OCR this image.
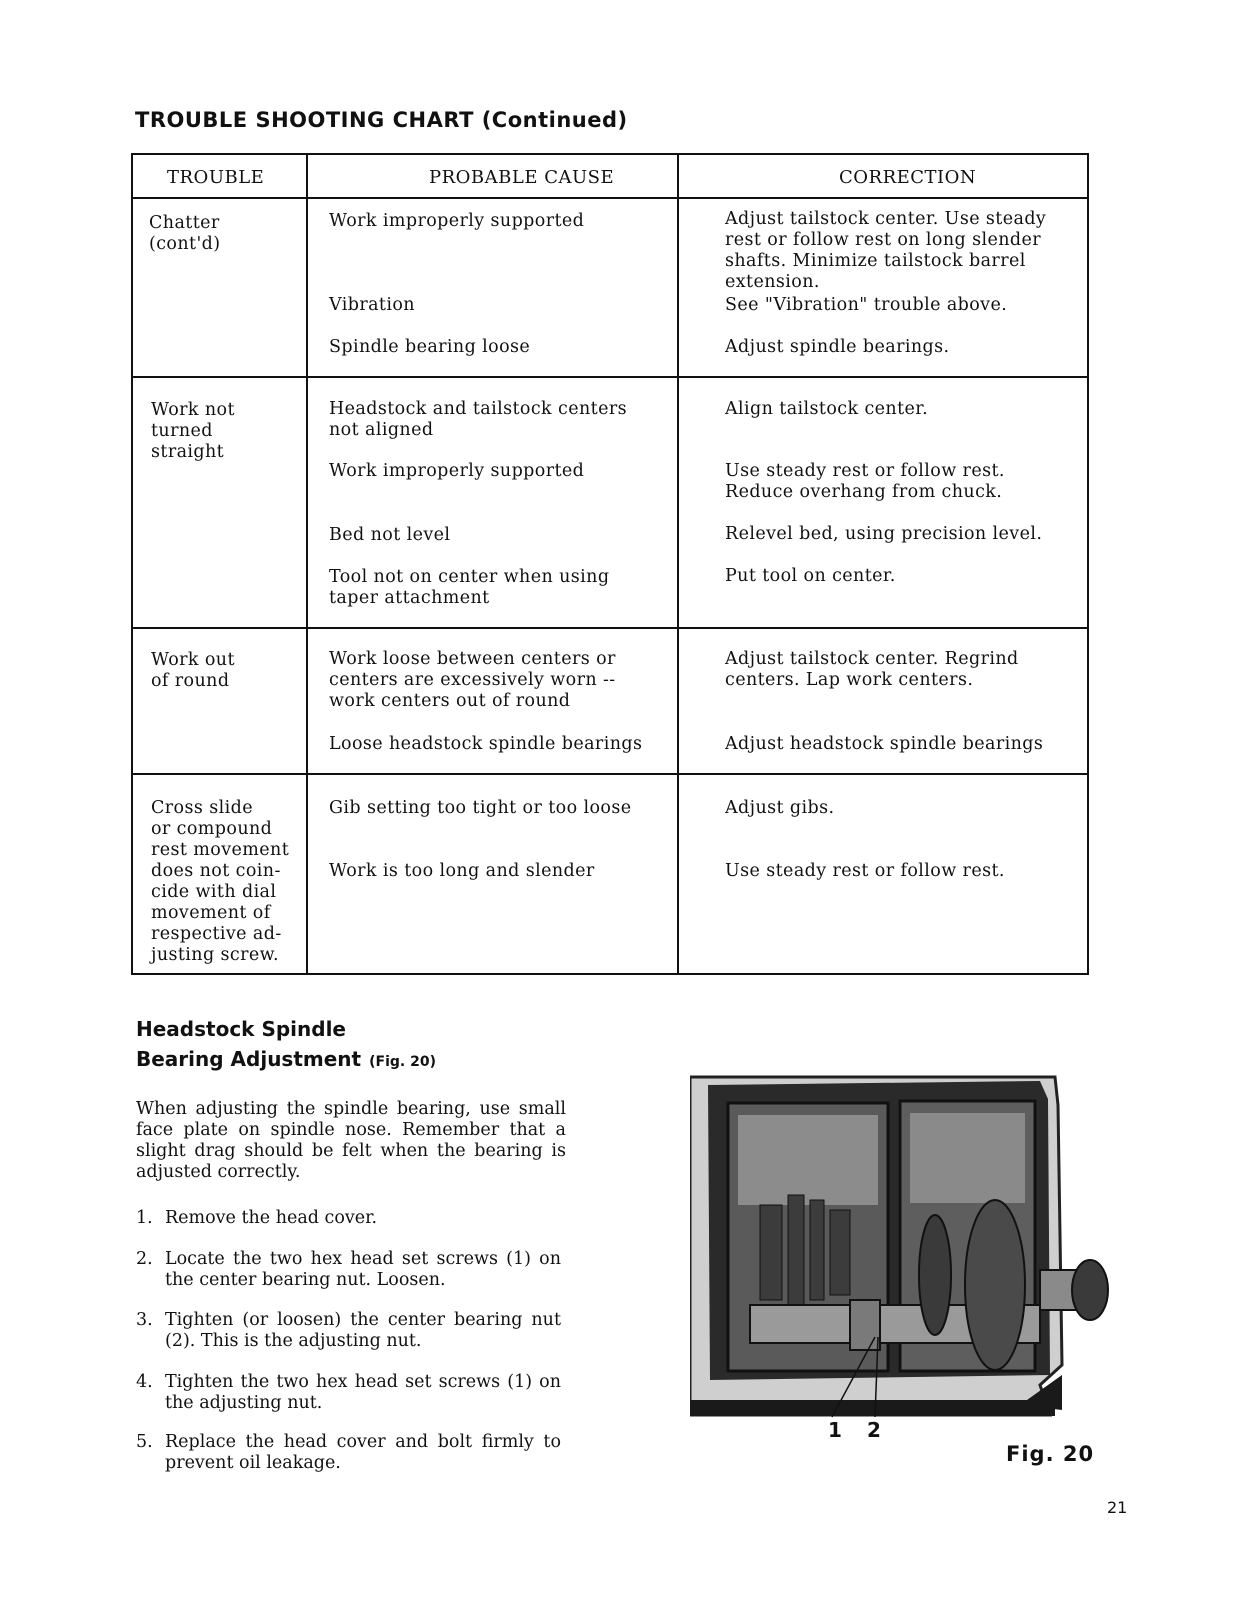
TROUBLE SHOOTING CHART (Continued)
TROUBLE	PROBABLE CAUSE	CORRECTION
Chatter
(cont'd)
Work improperly supported
Vibration
Spindle bearing loose
Adjust tailstock center. Use steady
rest or follow rest on long slender
shafts. Minimize tailstock barrel
extension.
See "Vibration" trouble above.
Adjust spindle bearings.
Work not
turned
straight
Headstock and tailstock centers
not aligned
Work improperly supported
Bed not level
Tool not on center when using
taper attachment
Align tailstock center.
Use steady rest or follow rest.
Reduce overhang from chuck.
Relevel bed, using precision level.
Put tool on center.
Work out
of round
Work loose between centers or
centers are excessively worn --
work centers out of round
Loose headstock spindle bearings
Adjust tailstock center. Regrind
centers. Lap work centers.
Adjust headstock spindle bearings
Cross slide
or compound
rest movement
does not coin-
cide with dial
movement of
respective ad-
justing screw.
Gib setting too tight or too loose
Work is too long and slender
Adjust gibs.
Use steady rest or follow rest.
Headstock Spindle
Bearing Adjustment (Fig. 20)

When adjusting the spindle bearing, use small face plate on spindle nose. Remember that a slight drag should be felt when the bearing is adjusted correctly.

1. Remove the head cover.
2. Locate the two hex head set screws (1) on the center bearing nut. Loosen.
3. Tighten (or loosen) the center bearing nut (2). This is the adjusting nut.
4. Tighten the two hex head set screws (1) on the adjusting nut.
5. Replace the head cover and bolt firmly to prevent oil leakage.
1 2
Fig. 20
21
